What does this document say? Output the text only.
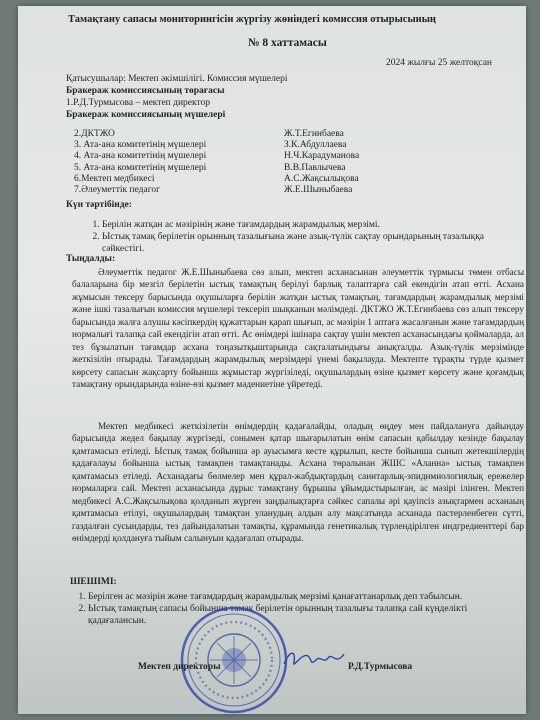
Тамақтану сапасы мониторингісін жүргізу жөніндегі комиссия отырысының
№ 8 хаттамасы
2024 жылғы 25 желтоқсан
Қатысушылар: Мектеп әкімшілігі. Комиссия мүшелері
Бракераж комиссиясының төрағасы
1.Р.Д.Турмысова – мектеп директор
Бракераж комиссиясының мүшелері
2.ДКТЖО	Ж.Т.Егинбаева
3. Ата-ана комитетінің мүшелері	З.К.Абдуллаева
4. Ата-ана комитетінің мүшелері	Н.Ч.Карадуманова
5. Ата-ана комитетінің мүшелері	В.В.Павлычева
6.Мектеп медбикесі	А.С.Жақсылықова
7.Әлеуметтік педагог	Ж.Е.Шыныбаева
Күн тәртібінде:
1. Берілін жатқан ас мәзірінің және тағамдардың жарамдылық мерзімі.
2. Ыстық тамақ берілетін орынның тазалығына және азық-түлік сақтау орындарының тазалыққа сәйкестігі.
Тыңдалды:
Әлеуметтік педагог Ж.Е.Шыныбаева сөз алып, мектеп асханасынан әлеуметтік түрмысы төмен отбасы балаларына бір мезгіл берілетін ыстық тамақтың берілуі барлық талаптарға сай екендігін атап өтті. Асхана жұмысын тексеру барысында оқушыларға берілін жатқан ыстық тамақтың, тағамдардың жарамдылық мерзімі және ішкі тазалығын комиссия мүшелері тексеріп шықканын мәлімдеді. ДКТЖО Ж.Т.Егинбаева сөз алып тексеру барысында жалға алушы кәсіпкердің құжаттарын қарап шығып, ас мәзірін 1 аптаға жасалғанын және тағамдардың нормалығі талапқа сай екендігін атап өтті. Ас өнімдері ішінара сақтау үшін мектеп асханасындағы қоймаларда, ал тез бұзылатын тағамдар асхана тоңазытқыштарында сақталатындығы анықталды. Азық-түлік мерзімінде жеткізілін отырады. Тағамдардың жарамдылық мерзімдері үнемі бақылауда. Мектепте тұрақты түрде қызмет көрсету сапасын жақсарту бойынша жұмыстар жүргізіледі, оқушылардың өзіне қызмет көрсету және қоғамдық тамақтану орындарында өзіне-өзі қызмет мәдениетіне үйретеді.
Мектеп медбикесі жеткізілетін өнімдердің қадағалайды, оладың өңдеу мен пайдалануға дайындау барысында жедел бақылау жүргізеді, сонымен қатар шығарылатын өнім сапасын қабылдау кезінде бақылау қамтамасыз етіледі. Ыстық тамақ бойынша әр ауысымға кесте құрылып, кесте бойынша сынып жетекшілердің қадағалауы бойынша ыстық тамақпен тамақтанады. Асхана төралынан ЖШС «Аланна» ыстық тамақпен қамтамасыз етіледі. Асханадағы бөлмелер мен құрал-жабдықтардың санитарлық-эпидимиологиялық ережелер нормаларға сай. Мектеп асханасында дұрыс тамақтану бұрышы ұйымдастырылған, ас мәзірі ілінген. Мектеп медбикесі А.С.Жақсылықова қолданып жүрген заңдылықтарға сәйкес сапалы әрі қауіпсіз азықтармен асханаың қамтамасыз етілуі, оқушылардың тамақтан уланудың алдын алу мақсатында асханада пастерленбеген сүтті, газдалған сусындарды, тез дайындалатын тамақты, құрамында генетикалық түрлендірілген индгредиенттері бар өнімдерді қолдануға тыйым салынуын қадағалап отырады.
ШЕШІМІ:
1. Берілген ас мәзірін және тағамдардың жарамдылық мерзімі қанағаттанарлық деп табылсын.
2. Ыстық тамақтың сапасы бойынша тамақ берілетін орынның тазалығы талапқа сай күнделікті қадағалансын.
Мектеп директоры	Р.Д.Турмысова
